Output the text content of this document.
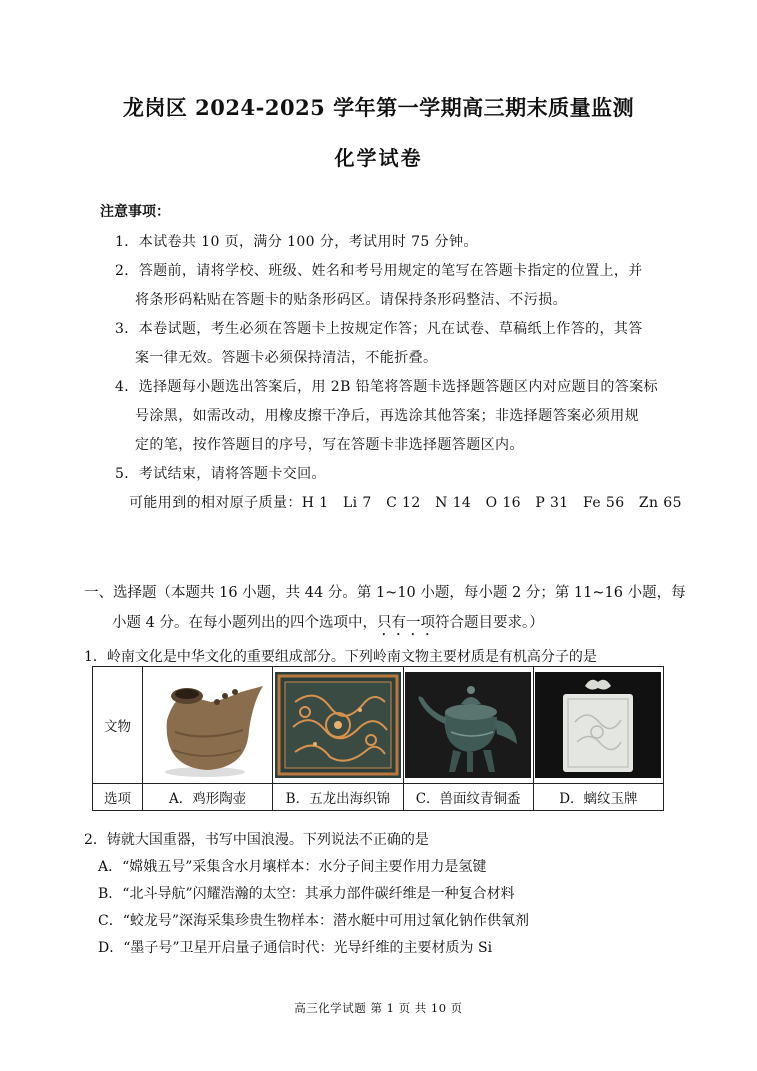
龙岗区 2024-2025 学年第一学期高三期末质量监测
化学试卷
注意事项：
1．本试卷共 10 页，满分 100 分，考试用时 75 分钟。
2．答题前，请将学校、班级、姓名和考号用规定的笔写在答题卡指定的位置上，并
将条形码粘贴在答题卡的贴条形码区。请保持条形码整洁、不污损。
3．本卷试题，考生必须在答题卡上按规定作答；凡在试卷、草稿纸上作答的，其答
案一律无效。答题卡必须保持清洁，不能折叠。
4．选择题每小题选出答案后，用 2B 铅笔将答题卡选择题答题区内对应题目的答案标
号涂黑，如需改动，用橡皮擦干净后，再选涂其他答案；非选择题答案必须用规
定的笔，按作答题目的序号，写在答题卡非选择题答题区内。
5．考试结束，请将答题卡交回。
可能用到的相对原子质量：H 1　Li 7　C 12　N 14　O 16　P 31　Fe 56　Zn 65
一、选择题（本题共 16 小题，共 44 分。第 1~10 小题，每小题 2 分；第 11~16 小题，每
小题 4 分。在每小题列出的四个选项中，只有一项符合题目要求。）
1．岭南文化是中华文化的重要组成部分。下列岭南文物主要材质是有机高分子的是
文物	

选项	A．鸡形陶壶	B．五龙出海织锦	C．兽面纹青铜盉	D．螭纹玉牌
2．铸就大国重器，书写中国浪漫。下列说法不正确的是
A．“嫦娥五号”采集含水月壤样本：水分子间主要作用力是氢键
B．“北斗导航”闪耀浩瀚的太空：其承力部件碳纤维是一种复合材料
C．“蛟龙号”深海采集珍贵生物样本：潜水艇中可用过氧化钠作供氧剂
D．“墨子号”卫星开启量子通信时代：光导纤维的主要材质为 Si
高三化学试题 第 1 页 共 10 页
